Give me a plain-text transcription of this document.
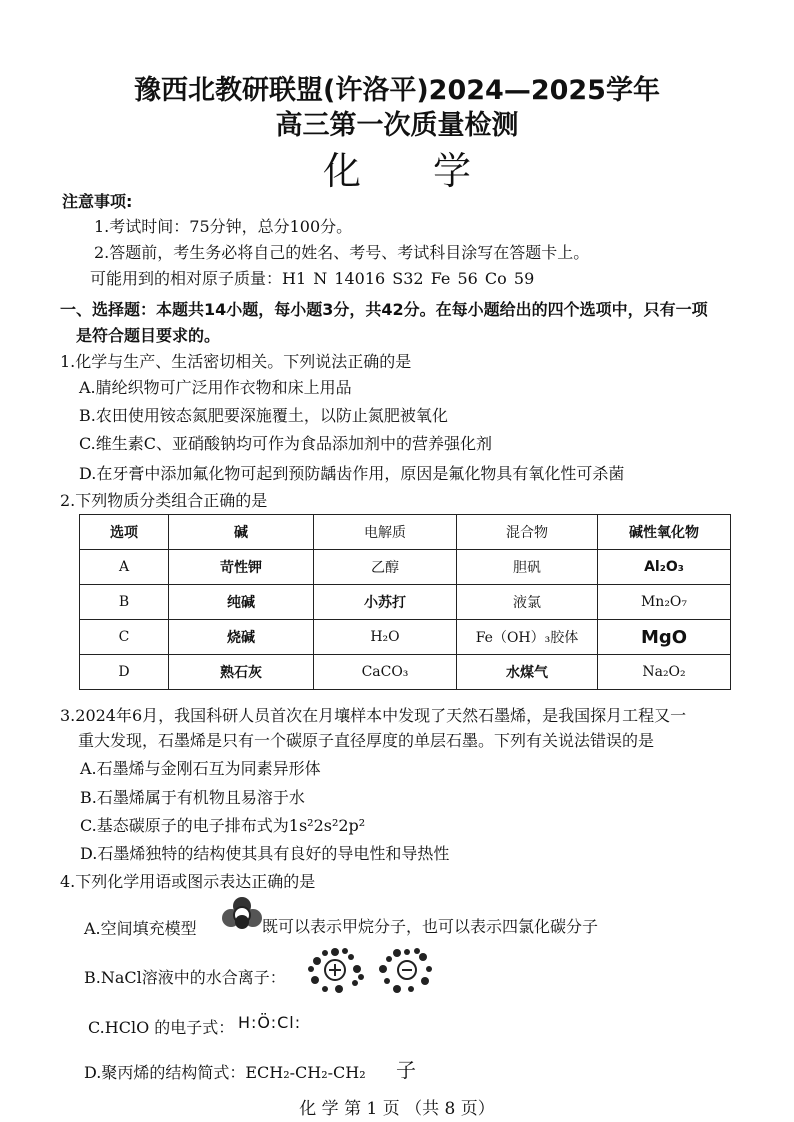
豫西北教研联盟(许洛平)2024—2025学年
高三第一次质量检测
化 学
注意事项:
1.考试时间：75分钟，总分100分。
2.答题前，考生务必将自己的姓名、考号、考试科目涂写在答题卡上。
可能用到的相对原子质量：H1 N 14016 S32 Fe 56 Co 59
一、选择题：本题共14小题，每小题3分，共42分。在每小题给出的四个选项中，只有一项
是符合题目要求的。
1.化学与生产、生活密切相关。下列说法正确的是
A.腈纶织物可广泛用作衣物和床上用品
B.农田使用铵态氮肥要深施覆土，以防止氮肥被氧化
C.维生素C、亚硝酸钠均可作为食品添加剂中的营养强化剂
D.在牙膏中添加氟化物可起到预防龋齿作用，原因是氟化物具有氧化性可杀菌
2.下列物质分类组合正确的是
选项	碱	电解质	混合物	碱性氧化物
A	苛性钾	乙醇	胆矾	Al₂O₃
B	纯碱	小苏打	液氯	Mn₂O₇
C	烧碱	H₂O	Fe（OH）₃胶体	MgO
D	熟石灰	CaCO₃	水煤气	Na₂O₂
3.2024年6月，我国科研人员首次在月壤样本中发现了天然石墨烯，是我国探月工程又一
重大发现，石墨烯是只有一个碳原子直径厚度的单层石墨。下列有关说法错误的是
A.石墨烯与金刚石互为同素异形体
B.石墨烯属于有机物且易溶于水
C.基态碳原子的电子排布式为1s²2s²2p²
D.石墨烯独特的结构使其具有良好的导电性和导热性
4.下列化学用语或图示表达正确的是
A.空间填充模型	既可以表示甲烷分子，也可以表示四氯化碳分子
B.NaCl溶液中的水合离子：
C.HClO 的电子式： H:Ö:Cl:
D.聚丙烯的结构简式：ECH₂-CH₂-CH₂ 子
化 学 第 1 页 （共 8 页）
